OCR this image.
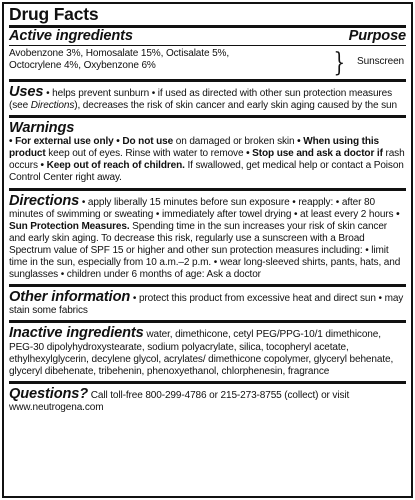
Drug Facts
Active ingredients	Purpose
Avobenzone 3%, Homosalate 15%, Octisalate 5%,
Octocrylene 4%, Oxybenzone 6%	} Sunscreen

Uses • helps prevent sunburn • if used as directed with other sun protection measures (see Directions), decreases the risk of skin cancer and early skin aging caused by the sun

Warnings

• For external use only • Do not use on damaged or broken skin • When using this product keep out of eyes. Rinse with water to remove • Stop use and ask a doctor if rash occurs • Keep out of reach of children. If swallowed, get medical help or contact a Poison Control Center right away.

Directions • apply liberally 15 minutes before sun exposure • reapply: • after 80 minutes of swimming or sweating • immediately after towel drying • at least every 2 hours • Sun Protection Measures. Spending time in the sun increases your risk of skin cancer and early skin aging. To decrease this risk, regularly use a sunscreen with a Broad Spectrum value of SPF 15 or higher and other sun protection measures including: • limit time in the sun, especially from 10 a.m.–2 p.m. • wear long-sleeved shirts, pants, hats, and sunglasses • children under 6 months of age: Ask a doctor

Other information • protect this product from excessive heat and direct sun • may stain some fabrics

Inactive ingredients water, dimethicone, cetyl PEG/PPG-10/1 dimethicone, PEG-30 dipolyhydroxystearate, sodium polyacrylate, silica, tocopheryl acetate, ethylhexylglycerin, decylene glycol, acrylates/ dimethicone copolymer, glyceryl behenate, glyceryl dibehenate, tribehenin, phenoxyethanol, chlorphenesin, fragrance

Questions? Call toll-free 800-299-4786 or 215-273-8755 (collect) or visit

www.neutrogena.com
